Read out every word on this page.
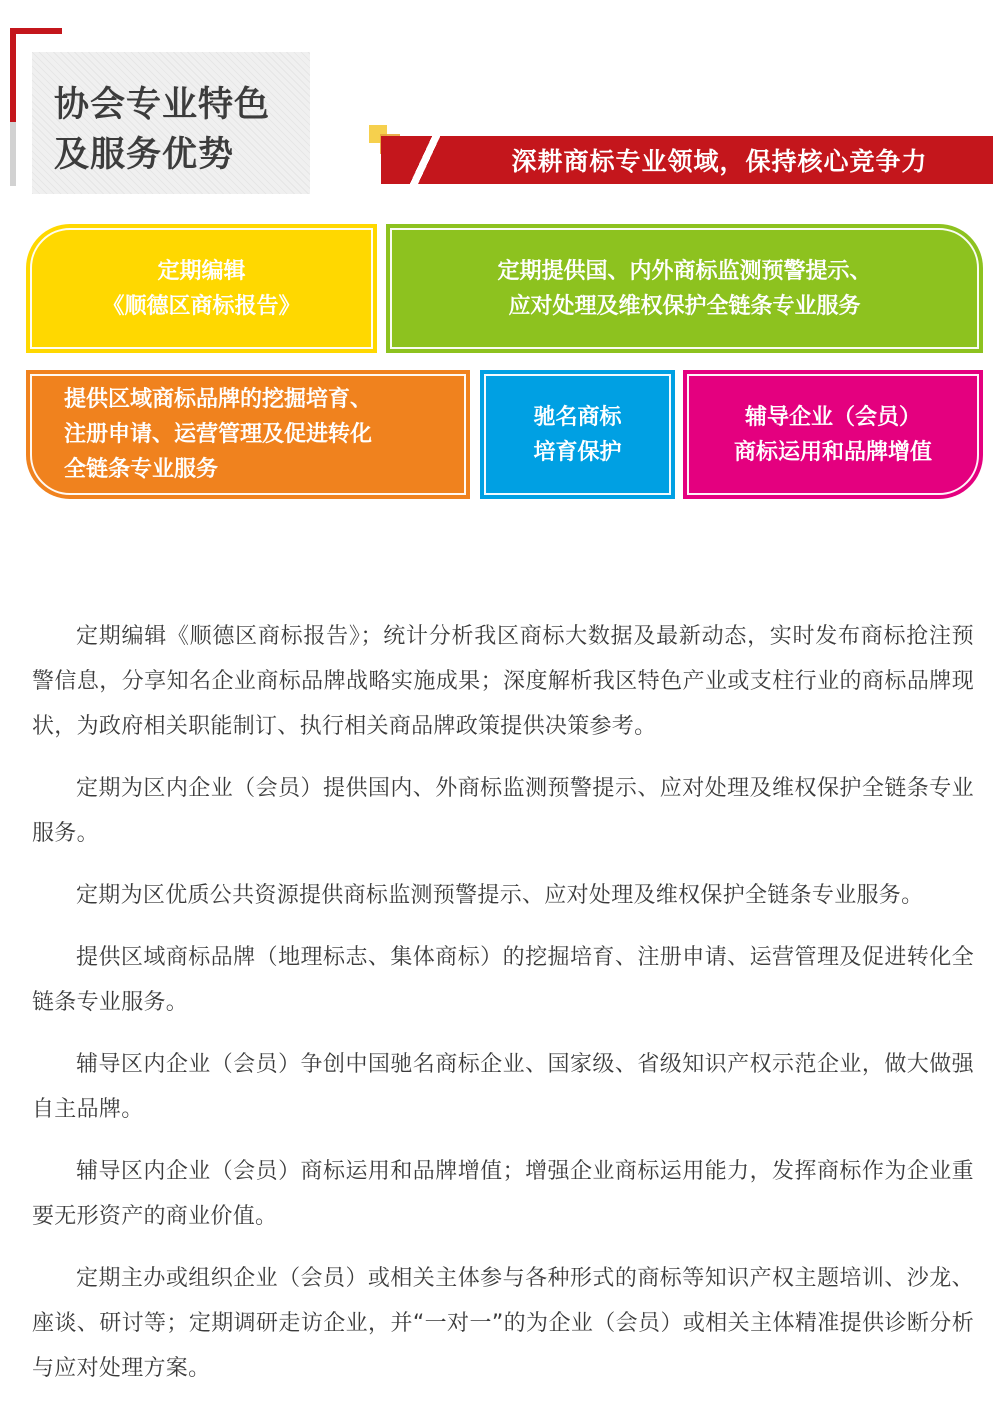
协会专业特色
及服务优势	深耕商标专业领域，保持核心竞争力
定期编辑
《顺德区商标报告》
定期提供国、内外商标监测预警提示、
应对处理及维权保护全链条专业服务
提供区域商标品牌的挖掘培育、
注册申请、运营管理及促进转化
全链条专业服务
驰名商标
培育保护
辅导企业（会员）
商标运用和品牌增值

定期编辑《顺德区商标报告》；统计分析我区商标大数据及最新动态，实时发布商标抢注预警信息，分享知名企业商标品牌战略实施成果；深度解析我区特色产业或支柱行业的商标品牌现状，为政府相关职能制订、执行相关商品牌政策提供决策参考。

定期为区内企业（会员）提供国内、外商标监测预警提示、应对处理及维权保护全链条专业服务。

定期为区优质公共资源提供商标监测预警提示、应对处理及维权保护全链条专业服务。

提供区域商标品牌（地理标志、集体商标）的挖掘培育、注册申请、运营管理及促进转化全链条专业服务。

辅导区内企业（会员）争创中国驰名商标企业、国家级、省级知识产权示范企业，做大做强自主品牌。

辅导区内企业（会员）商标运用和品牌增值；增强企业商标运用能力，发挥商标作为企业重要无形资产的商业价值。

定期主办或组织企业（会员）或相关主体参与各种形式的商标等知识产权主题培训、沙龙、座谈、研讨等；定期调研走访企业，并“一对一”的为企业（会员）或相关主体精准提供诊断分析与应对处理方案。
